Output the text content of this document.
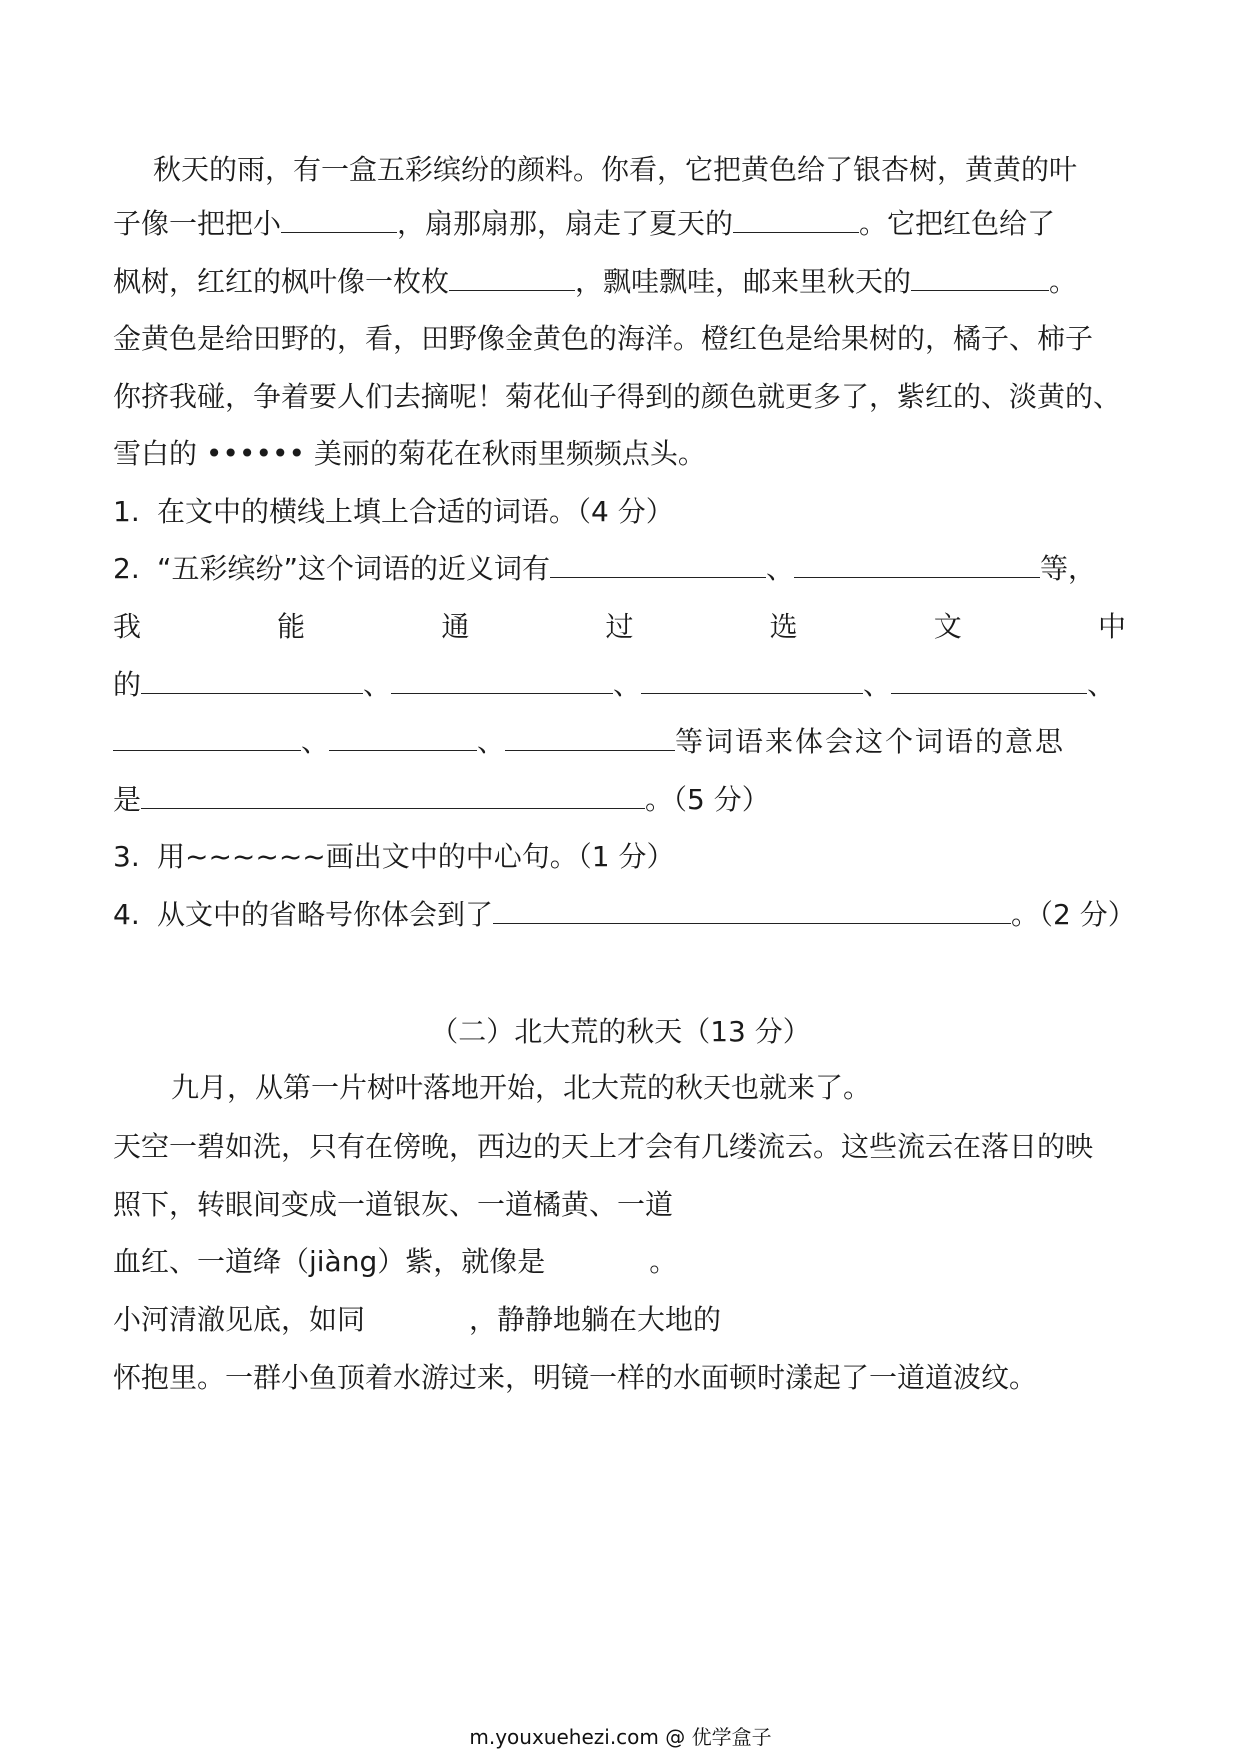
秋天的雨，有一盒五彩缤纷的颜料。你看，它把黄色给了银杏树，黄黄的叶
子像一把把小	，扇那扇那，扇走了夏天的	。它把红色给了
枫树，红红的枫叶像一枚枚	，飘哇飘哇，邮来里秋天的	。
金黄色是给田野的，看，田野像金黄色的海洋。橙红色是给果树的，橘子、柿子
你挤我碰，争着要人们去摘呢！菊花仙子得到的颜色就更多了，紫红的、淡黄的、
雪白的 •••••• 美丽的菊花在秋雨里频频点头。
1. 在文中的横线上填上合适的词语。（4 分）
2. “五彩缤纷”这个词语的近义词有	、	等，
我	能	通	过	选	文	中
的	、	、	、	、
、	、	等词语来体会这个词语的意思
是	。（5 分）
3. 用~~~~~~画出文中的中心句。（1 分）
4. 从文中的省略号你体会到了	。（2 分）
（二）北大荒的秋天（13 分）
九月，从第一片树叶落地开始，北大荒的秋天也就来了。
天空一碧如洗，只有在傍晚，西边的天上才会有几缕流云。这些流云在落日的映
照下，转眼间变成一道银灰、一道橘黄、一道
血红、一道绛（jiàng）紫，就像是	。
小河清澈见底，如同	，静静地躺在大地的
怀抱里。一群小鱼顶着水游过来，明镜一样的水面顿时漾起了一道道波纹。
m.youxuehezi.com @ 优学盒子
